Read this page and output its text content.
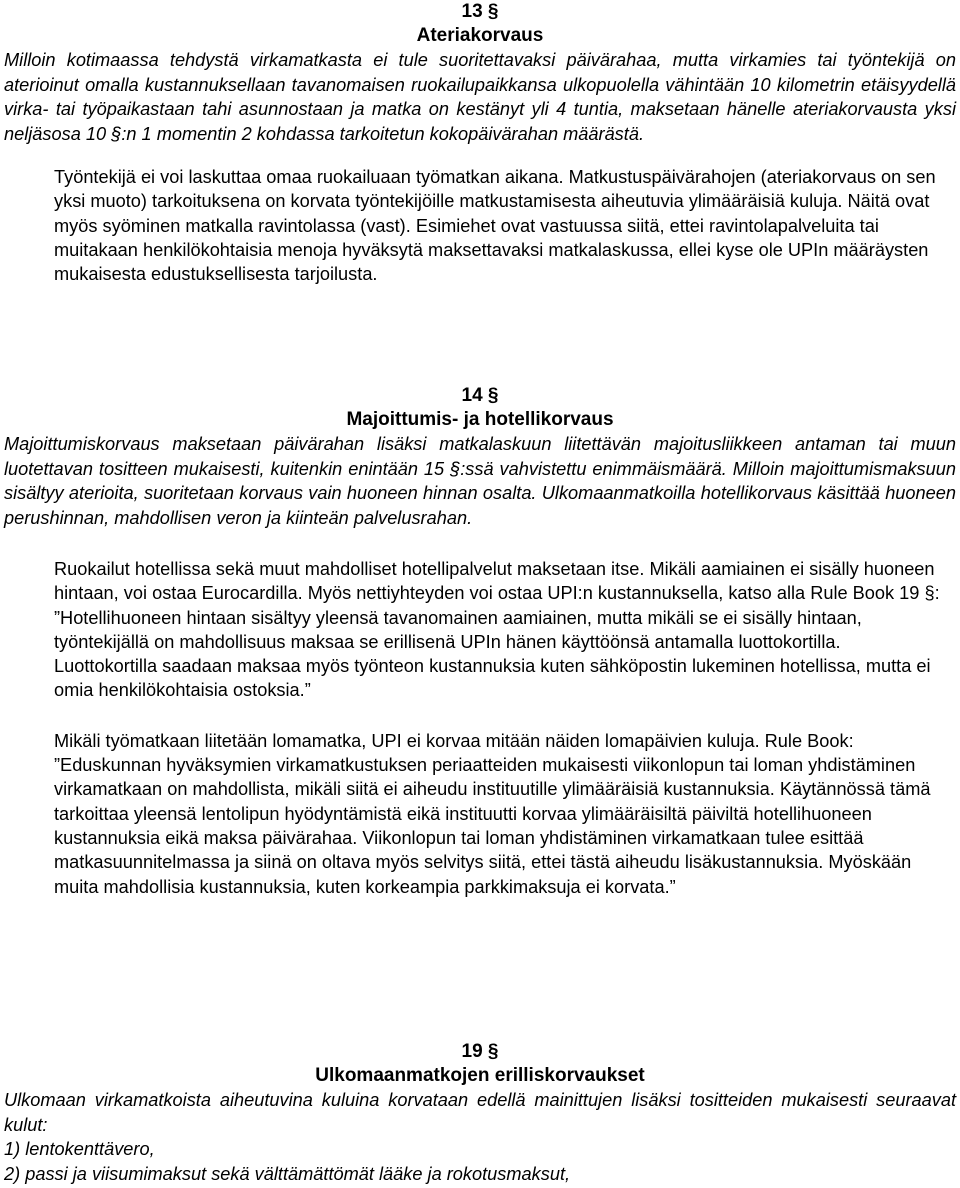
13 §
Ateriakorvaus

Milloin kotimaassa tehdystä virkamatkasta ei tule suoritettavaksi päivärahaa, mutta virkamies tai työntekijä on aterioinut omalla kustannuksellaan tavanomaisen ruokailupaikkansa ulkopuolella vähintään 10 kilometrin etäisyydellä virka- tai työpaikastaan tahi asunnostaan ja matka on kestänyt yli 4 tuntia, maksetaan hänelle ateriakorvausta yksi neljäsosa 10 §:n 1 momentin 2 kohdassa tarkoitetun kokopäivärahan määrästä.

Työntekijä ei voi laskuttaa omaa ruokailuaan työmatkan aikana. Matkustuspäivärahojen (ateriakorvaus on sen yksi muoto) tarkoituksena on korvata työntekijöille matkustamisesta aiheutuvia ylimääräisiä kuluja. Näitä ovat myös syöminen matkalla ravintolassa (vast). Esimiehet ovat vastuussa siitä, ettei ravintolapalveluita tai muitakaan henkilökohtaisia menoja hyväksytä maksettavaksi matkalaskussa, ellei kyse ole UPIn määräysten mukaisesta edustuksellisesta tarjoilusta.

14 §
Majoittumis- ja hotellikorvaus

Majoittumiskorvaus maksetaan päivärahan lisäksi matkalaskuun liitettävän majoitusliikkeen antaman tai muun luotettavan tositteen mukaisesti, kuitenkin enintään 15 §:ssä vahvistettu enimmäismäärä. Milloin majoittumismaksuun sisältyy aterioita, suoritetaan korvaus vain huoneen hinnan osalta. Ulkomaanmatkoilla hotellikorvaus käsittää huoneen perushinnan, mahdollisen veron ja kiinteän palvelusrahan.

Ruokailut hotellissa sekä muut mahdolliset hotellipalvelut maksetaan itse. Mikäli aamiainen ei sisälly huoneen hintaan, voi ostaa Eurocardilla. Myös nettiyhteyden voi ostaa UPI:n kustannuksella, katso alla Rule Book 19 §: ”Hotellihuoneen hintaan sisältyy yleensä tavanomainen aamiainen, mutta mikäli se ei sisälly hintaan, työntekijällä on mahdollisuus maksaa se erillisenä UPIn hänen käyttöönsä antamalla luottokortilla. Luottokortilla saadaan maksaa myös työnteon kustannuksia kuten sähköpostin lukeminen hotellissa, mutta ei omia henkilökohtaisia ostoksia.”

Mikäli työmatkaan liitetään lomamatka, UPI ei korvaa mitään näiden lomapäivien kuluja. Rule Book: ”Eduskunnan hyväksymien virkamatkustuksen periaatteiden mukaisesti viikonlopun tai loman yhdistäminen virkamatkaan on mahdollista, mikäli siitä ei aiheudu instituutille ylimääräisiä kustannuksia. Käytännössä tämä tarkoittaa yleensä lentolipun hyödyntämistä eikä instituutti korvaa ylimääräisiltä päiviltä hotellihuoneen kustannuksia eikä maksa päivärahaa. Viikonlopun tai loman yhdistäminen virkamatkaan tulee esittää matkasuunnitelmassa ja siinä on oltava myös selvitys siitä, ettei tästä aiheudu lisäkustannuksia. Myöskään muita mahdollisia kustannuksia, kuten korkeampia parkkimaksuja ei korvata.”

19 §
Ulkomaanmatkojen erilliskorvaukset

Ulkomaan virkamatkoista aiheutuvina kuluina korvataan edellä mainittujen lisäksi tositteiden mukaisesti seuraavat kulut:

1) lentokenttävero,

2) passi ja viisumimaksut sekä välttämättömät lääke ja rokotusmaksut,
